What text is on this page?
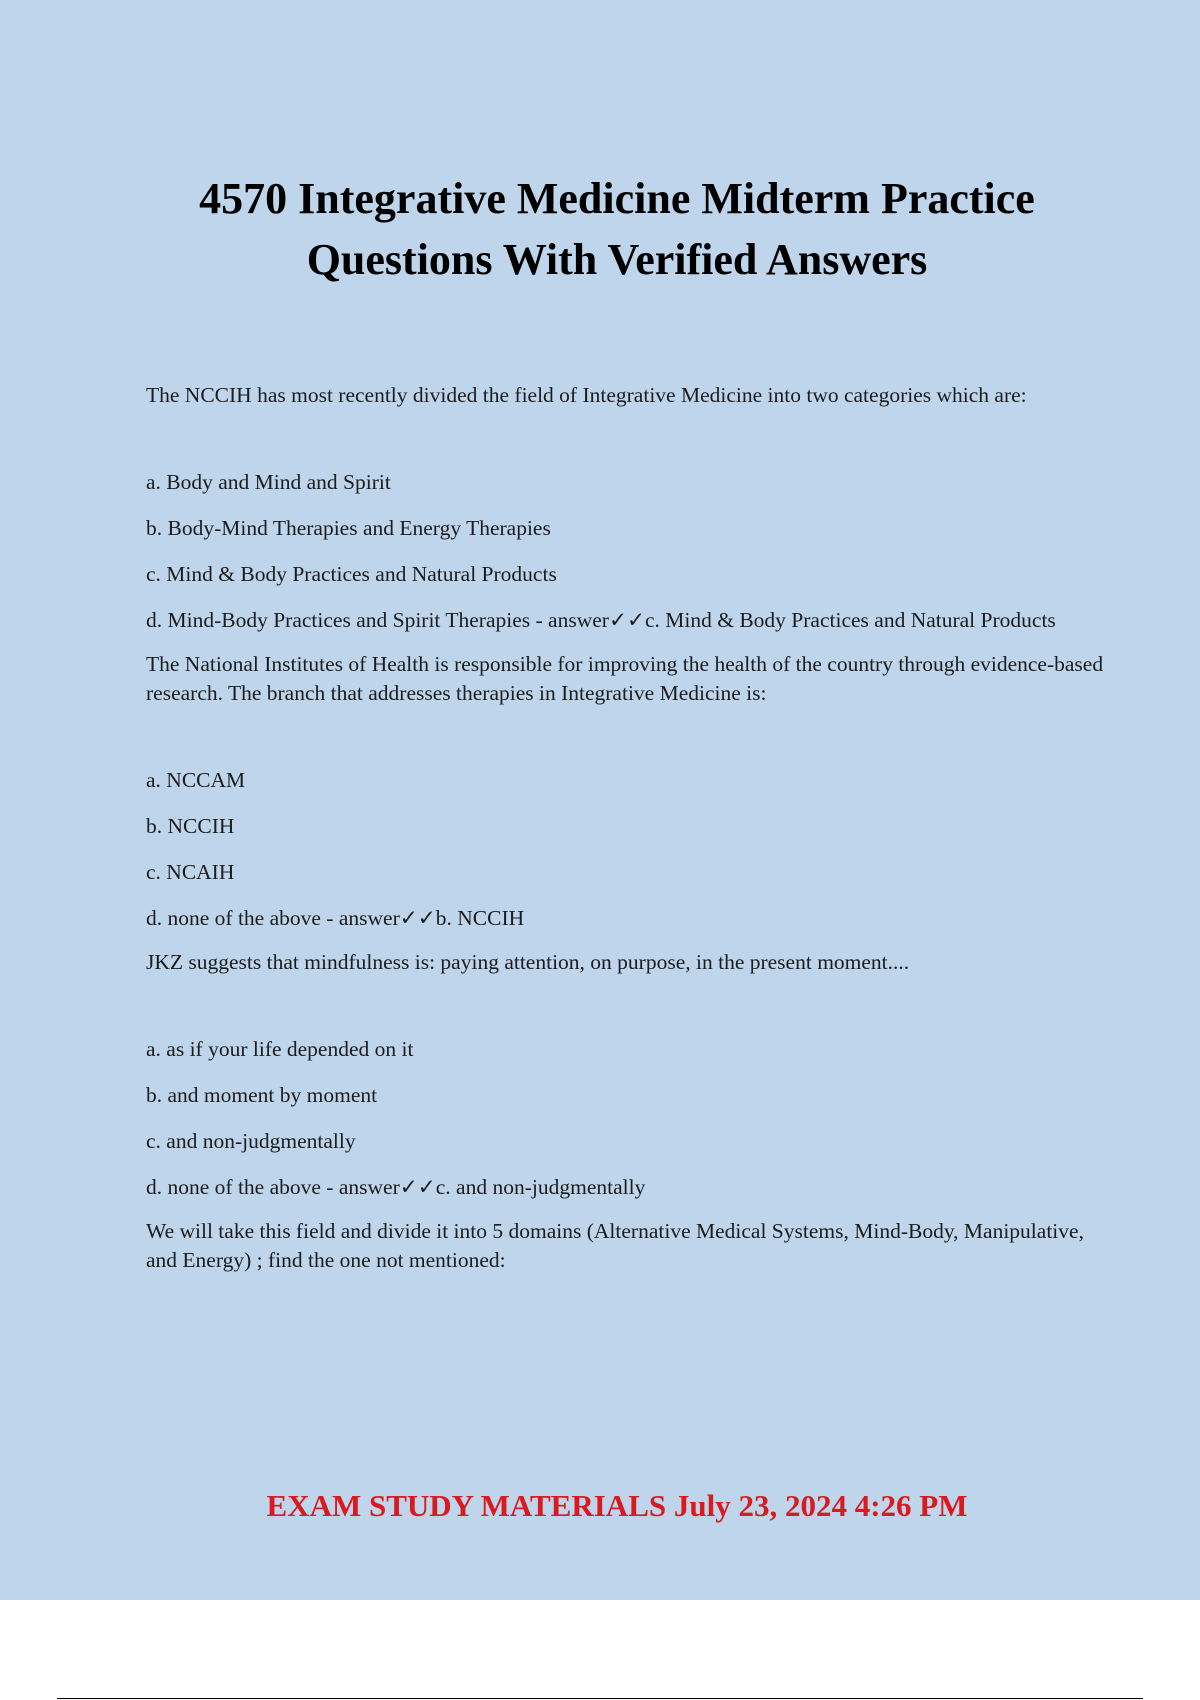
4570 Integrative Medicine Midterm Practice
Questions With Verified Answers

The NCCIH has most recently divided the field of Integrative Medicine into two categories which are:

a. Body and Mind and Spirit

b. Body-Mind Therapies and Energy Therapies

c. Mind & Body Practices and Natural Products

d. Mind-Body Practices and Spirit Therapies - answer✓✓c. Mind & Body Practices and Natural Products

The National Institutes of Health is responsible for improving the health of the country through evidence-based research. The branch that addresses therapies in Integrative Medicine is:

a. NCCAM

b. NCCIH

c. NCAIH

d. none of the above - answer✓✓b. NCCIH

JKZ suggests that mindfulness is: paying attention, on purpose, in the present moment....

a. as if your life depended on it

b. and moment by moment

c. and non-judgmentally

d. none of the above - answer✓✓c. and non-judgmentally

We will take this field and divide it into 5 domains (Alternative Medical Systems, Mind-Body, Manipulative, and Energy) ; find the one not mentioned:

EXAM STUDY MATERIALS July 23, 2024 4:26 PM
